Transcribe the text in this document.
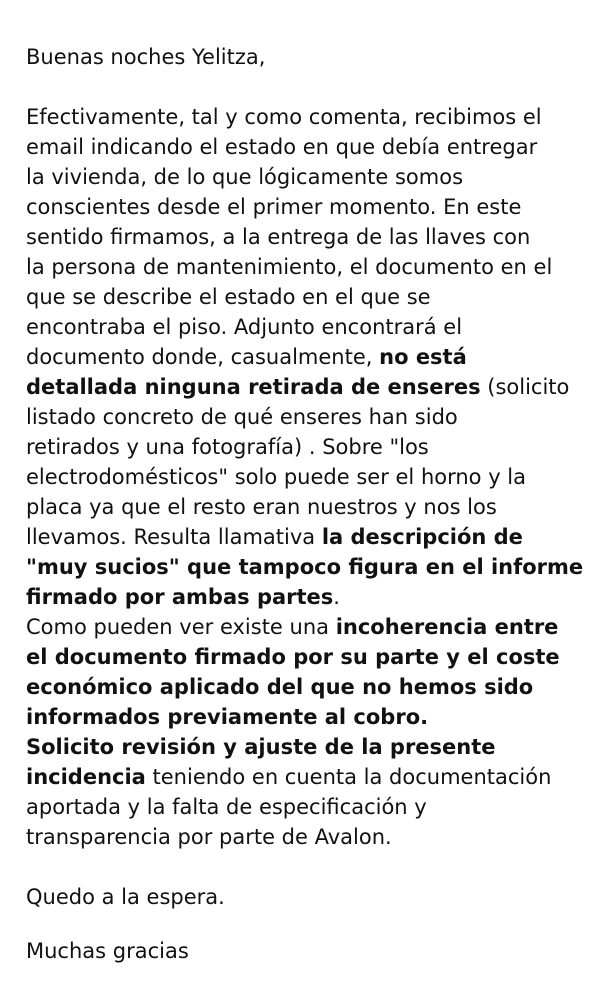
Buenas noches Yelitza,
Efectivamente, tal y como comenta, recibimos el
email indicando el estado en que debía entregar
la vivienda, de lo que lógicamente somos
conscientes desde el primer momento. En este
sentido firmamos, a la entrega de las llaves con
la persona de mantenimiento, el documento en el
que se describe el estado en el que se
encontraba el piso. Adjunto encontrará el
documento donde, casualmente, no está
detallada ninguna retirada de enseres (solicito
listado concreto de qué enseres han sido
retirados y una fotografía) . Sobre "los
electrodomésticos" solo puede ser el horno y la
placa ya que el resto eran nuestros y nos los
llevamos. Resulta llamativa la descripción de
"muy sucios" que tampoco figura en el informe
firmado por ambas partes.
Como pueden ver existe una incoherencia entre
el documento firmado por su parte y el coste
económico aplicado del que no hemos sido
informados previamente al cobro.
Solicito revisión y ajuste de la presente
incidencia teniendo en cuenta la documentación
aportada y la falta de especificación y
transparencia por parte de Avalon.
Quedo a la espera.
Muchas gracias
